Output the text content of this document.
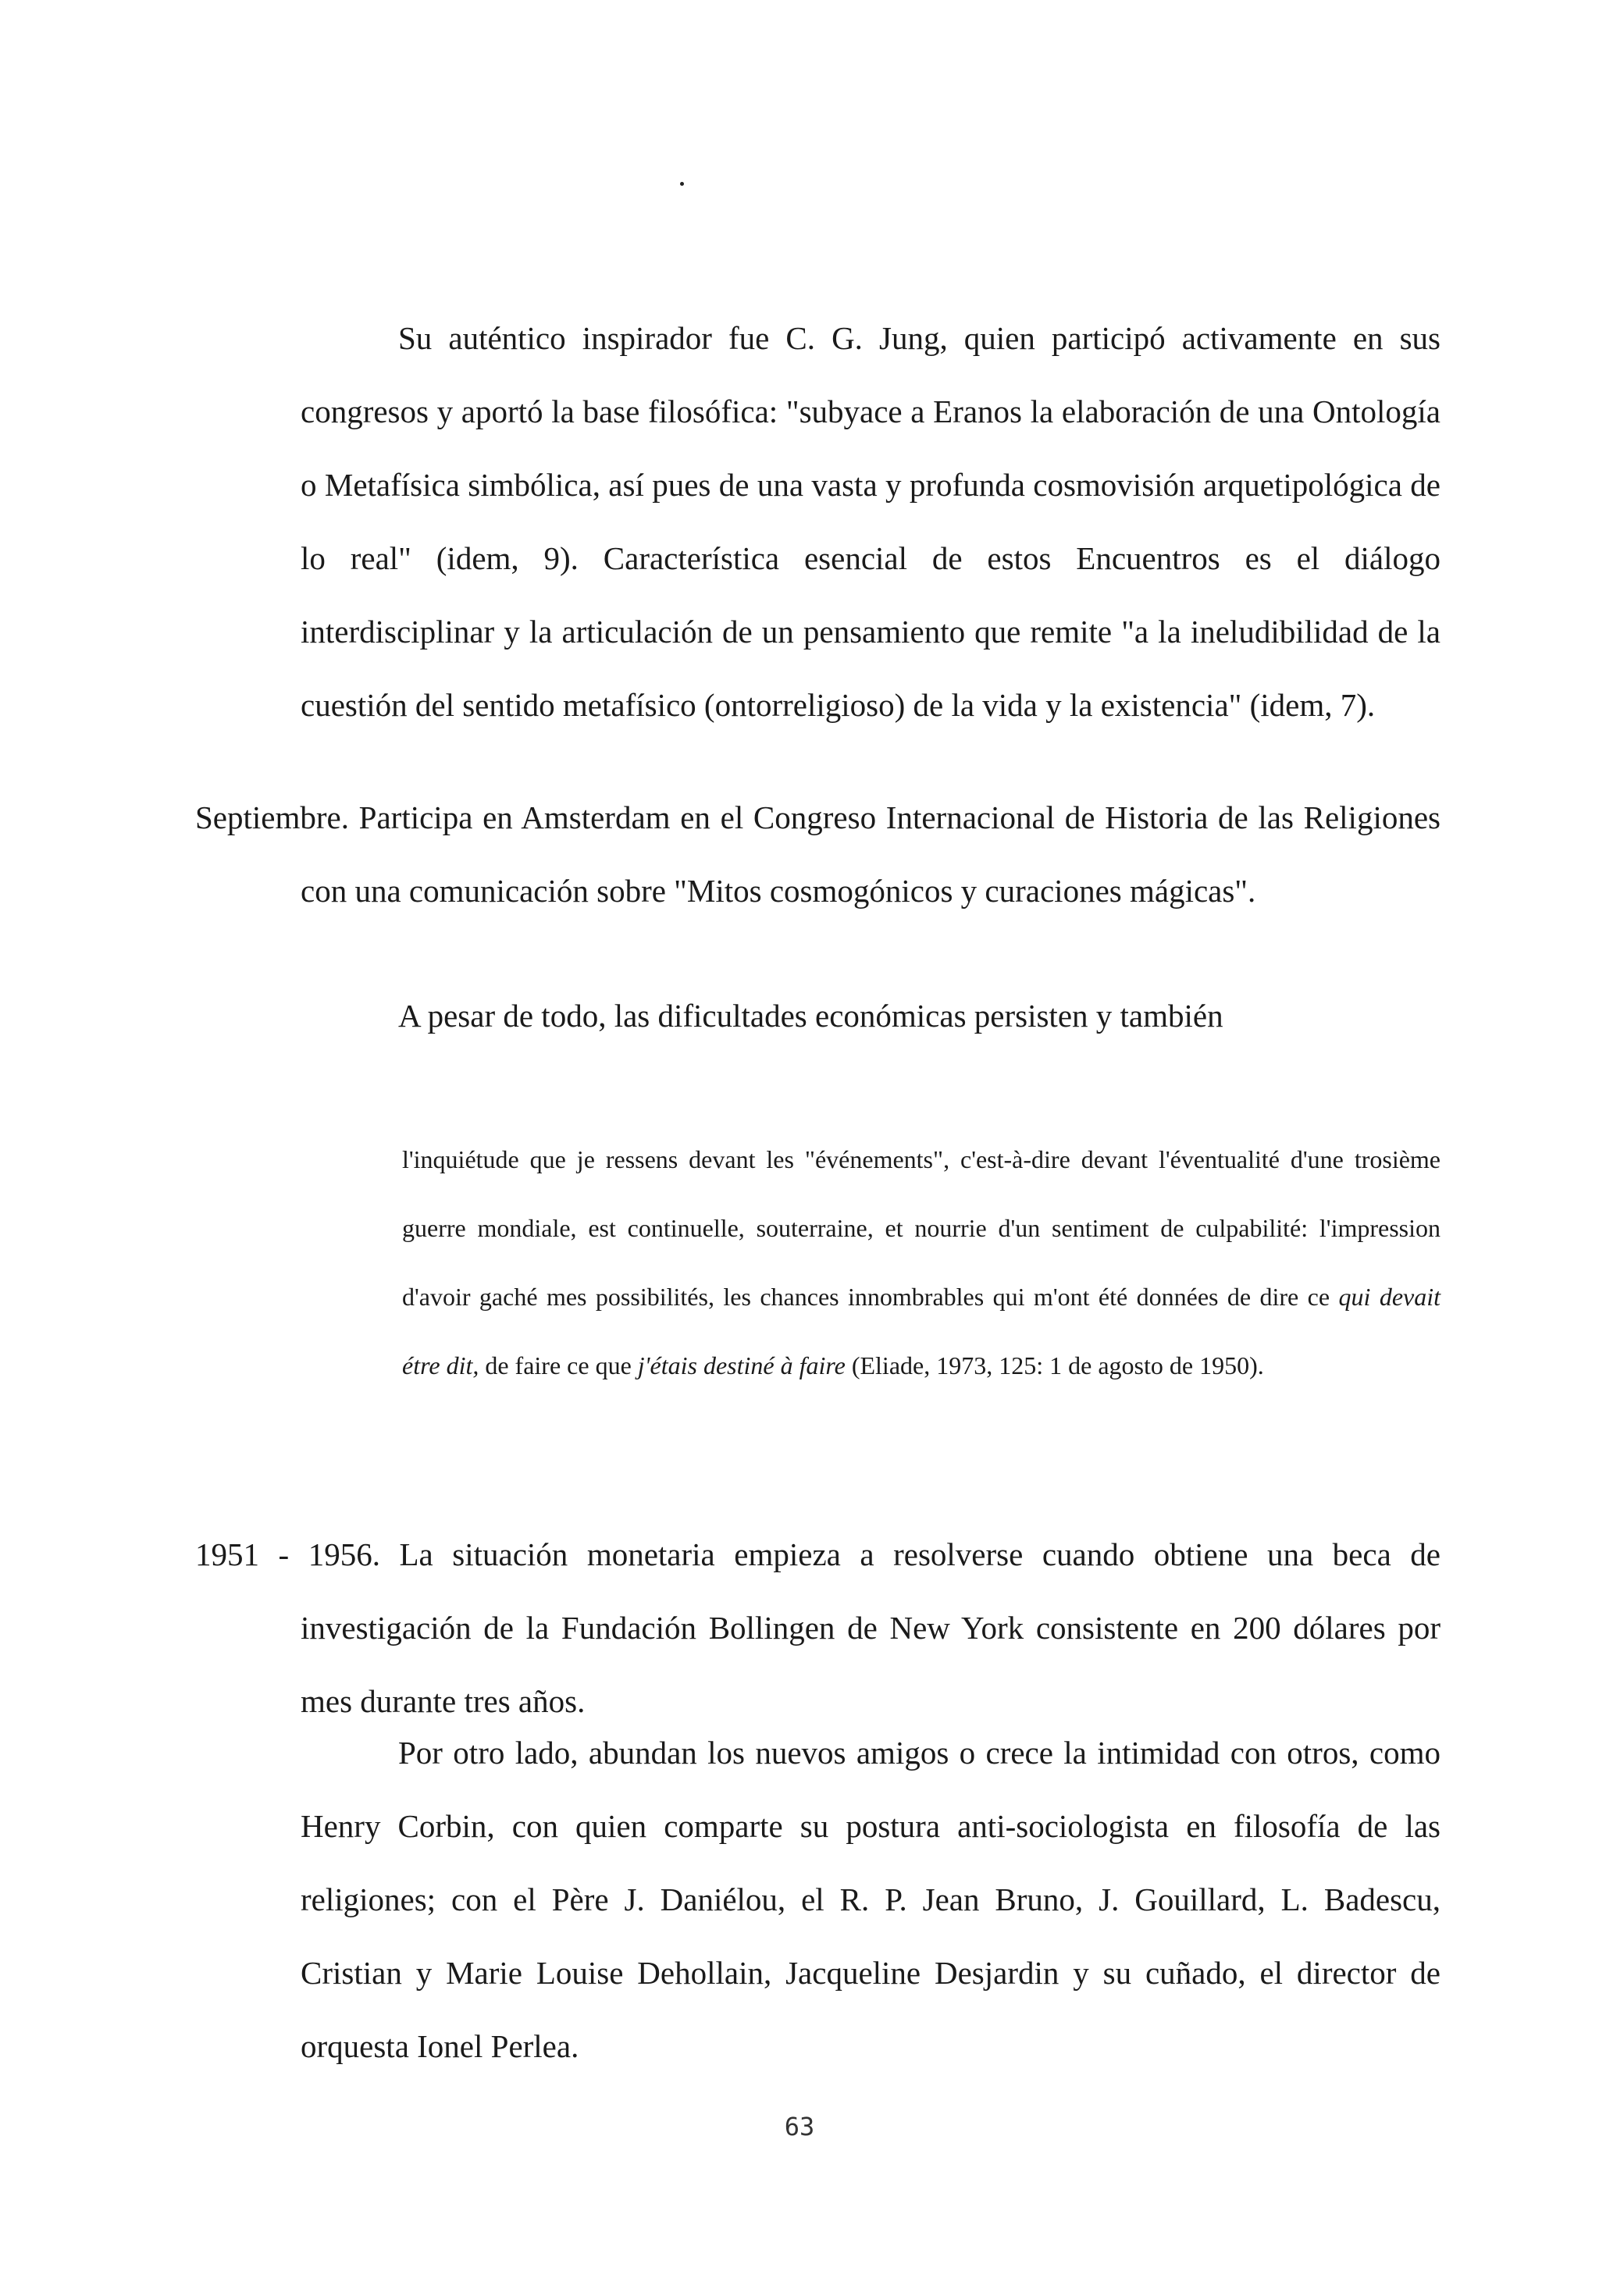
Su auténtico inspirador fue C. G. Jung, quien participó activamente en sus congresos y aportó la base filosófica: "subyace a Eranos la elaboración de una Ontología o Metafísica simbólica, así pues de una vasta y profunda cosmovisión arquetipológica de lo real" (idem, 9). Característica esencial de estos Encuentros es el diálogo interdisciplinar y la articulación de un pensamiento que remite "a la ineludibilidad de la cuestión del sentido metafísico (ontorreligioso) de la vida y la existencia" (idem, 7).

Septiembre. Participa en Amsterdam en el Congreso Internacional de Historia de las Religiones con una comunicación sobre "Mitos cosmogónicos y curaciones mágicas".

A pesar de todo, las dificultades económicas persisten y también

l'inquiétude que je ressens devant les "événements", c'est-à-dire devant l'éventualité d'une trosième guerre mondiale, est continuelle, souterraine, et nourrie d'un sentiment de culpabilité: l'impression d'avoir gaché mes possibilités, les chances innombrables qui m'ont été données de dire ce qui devait étre dit, de faire ce que j'étais destiné à faire (Eliade, 1973, 125: 1 de agosto de 1950).

1951 - 1956. La situación monetaria empieza a resolverse cuando obtiene una beca de investigación de la Fundación Bollingen de New York consistente en 200 dólares por mes durante tres años.

Por otro lado, abundan los nuevos amigos o crece la intimidad con otros, como Henry Corbin, con quien comparte su postura anti-sociologista en filosofía de las religiones; con el Père J. Daniélou, el R. P. Jean Bruno, J. Gouillard, L. Badescu, Cristian y Marie Louise Dehollain, Jacqueline Desjardin y su cuñado, el director de orquesta Ionel Perlea.

63
